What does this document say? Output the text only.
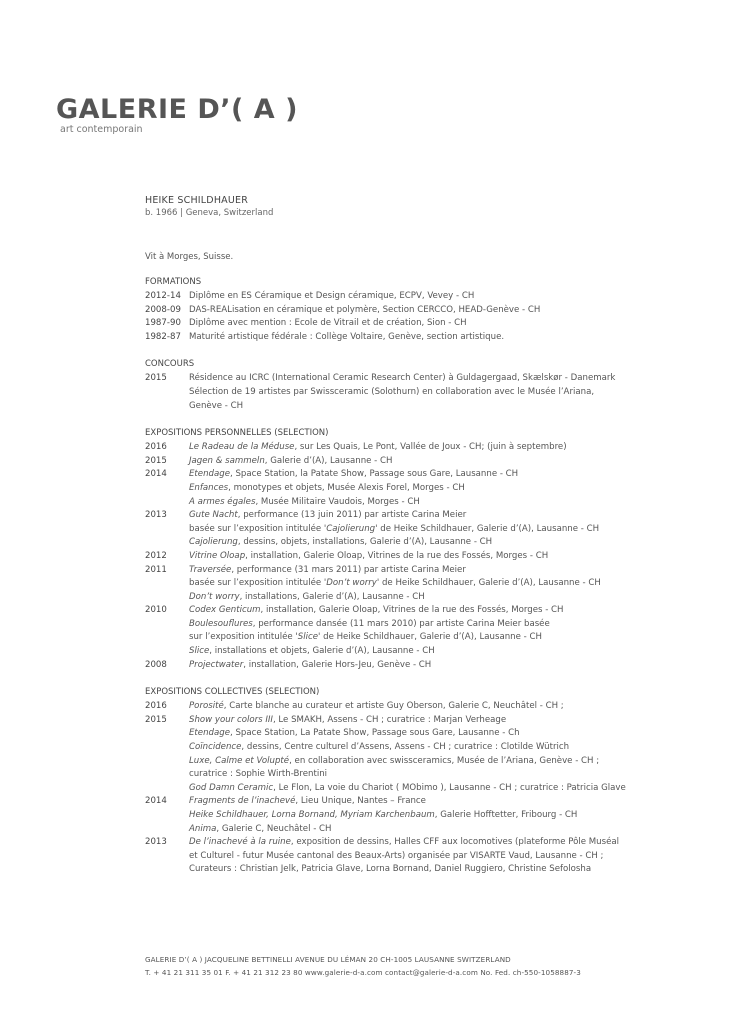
GALERIE D’( A )
art contemporain
HEIKE SCHILDHAUER
b. 1966 | Geneva, Switzerland
Vit à Morges, Suisse.
FORMATIONS
2012-14 Diplôme en ES Céramique et Design céramique, ECPV, Vevey - CH
2008-09 DAS-REALisation en céramique et polymère, Section CERCCO, HEAD-Genève - CH
1987-90 Diplôme avec mention : Ecole de Vitrail et de création, Sion - CH
1982-87 Maturité artistique fédérale : Collège Voltaire, Genève, section artistique.
CONCOURS
2015	Résidence au ICRC (International Ceramic Research Center) à Guldagergaad, Skælskør - Danemark
Sélection de 19 artistes par Swissceramic (Solothurn) en collaboration avec le Musée l’Ariana,
Genève - CH
EXPOSITIONS PERSONNELLES (SELECTION)
2016	Le Radeau de la Méduse, sur Les Quais, Le Pont, Vallée de Joux - CH; (juin à septembre)
2015	Jagen & sammeln, Galerie d’(A), Lausanne - CH
2014	Etendage, Space Station, la Patate Show, Passage sous Gare, Lausanne - CH
Enfances, monotypes et objets, Musée Alexis Forel, Morges - CH
A armes égales, Musée Militaire Vaudois, Morges - CH
2013	Gute Nacht, performance (13 juin 2011) par artiste Carina Meier
basée sur l’exposition intitulée 'Cajolierung' de Heike Schildhauer, Galerie d’(A), Lausanne - CH
Cajolierung, dessins, objets, installations, Galerie d’(A), Lausanne - CH
2012	Vitrine Oloap, installation, Galerie Oloap, Vitrines de la rue des Fossés, Morges - CH
2011	Traversée, performance (31 mars 2011) par artiste Carina Meier
basée sur l’exposition intitulée 'Don’t worry' de Heike Schildhauer, Galerie d’(A), Lausanne - CH
Don’t worry, installations, Galerie d’(A), Lausanne - CH
2010	Codex Genticum, installation, Galerie Oloap, Vitrines de la rue des Fossés, Morges - CH
Boulesouflures, performance dansée (11 mars 2010) par artiste Carina Meier basée
sur l’exposition intitulée 'Slice' de Heike Schildhauer, Galerie d’(A), Lausanne - CH
Slice, installations et objets, Galerie d’(A), Lausanne - CH
2008	Projectwater, installation, Galerie Hors-Jeu, Genève - CH
EXPOSITIONS COLLECTIVES (SELECTION)
2016	Porosité, Carte blanche au curateur et artiste Guy Oberson, Galerie C, Neuchâtel - CH ;
2015	Show your colors III, Le SMAKH, Assens - CH ; curatrice : Marjan Verheage
Etendage, Space Station, La Patate Show, Passage sous Gare, Lausanne - Ch
Coïncidence, dessins, Centre culturel d’Assens, Assens - CH ; curatrice : Clotilde Wütrich
Luxe, Calme et Volupté, en collaboration avec swissceramics, Musée de l’Ariana, Genève - CH ;
curatrice : Sophie Wirth-Brentini
God Damn Ceramic, Le Flon, La voie du Chariot ( MObimo ), Lausanne - CH ; curatrice : Patricia Glave
2014	Fragments de l’inachevé, Lieu Unique, Nantes – France
Heike Schildhauer, Lorna Bornand, Myriam Karchenbaum, Galerie Hofftetter, Fribourg - CH
Anima, Galerie C, Neuchâtel - CH
2013	De l’inachevé à la ruine, exposition de dessins, Halles CFF aux locomotives (plateforme Pôle Muséal
et Culturel - futur Musée cantonal des Beaux-Arts) organisée par VISARTE Vaud, Lausanne - CH ;
Curateurs : Christian Jelk, Patricia Glave, Lorna Bornand, Daniel Ruggiero, Christine Sefolosha
GALERIE D’( A ) JACQUELINE BETTINELLI AVENUE DU LÉMAN 20 CH-1005 LAUSANNE SWITZERLAND
T. + 41 21 311 35 01 F. + 41 21 312 23 80 www.galerie-d-a.com contact@galerie-d-a.com No. Fed. ch-550-1058887-3
